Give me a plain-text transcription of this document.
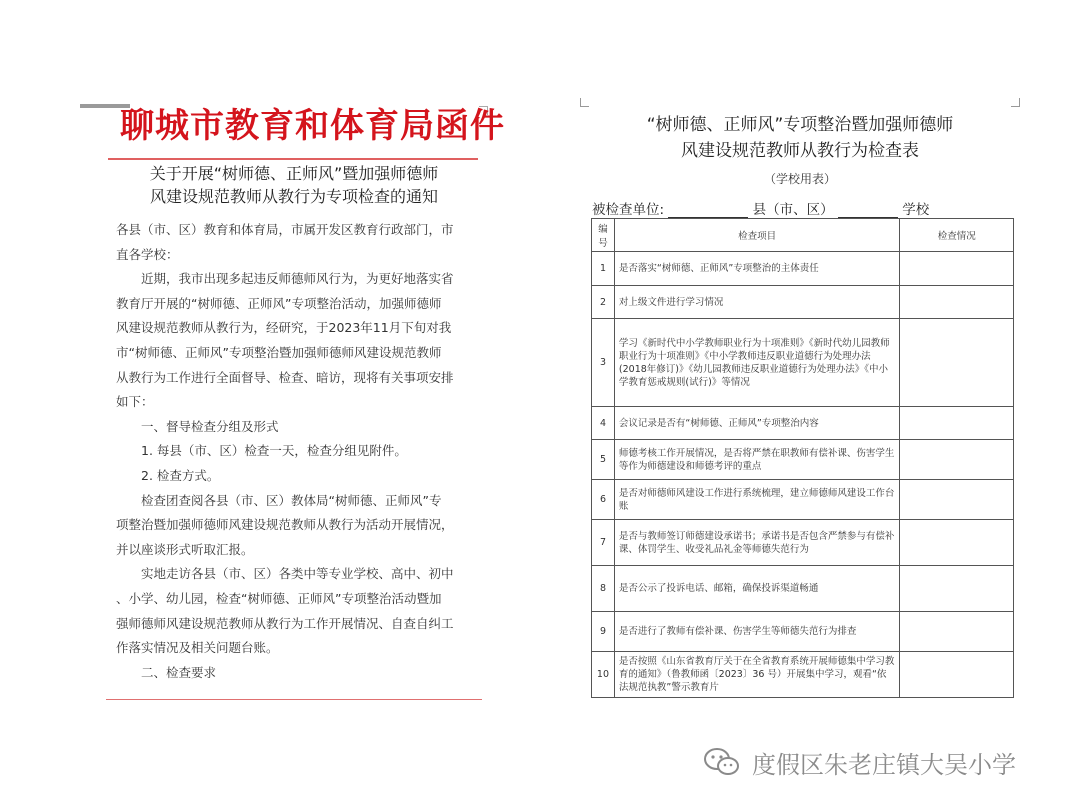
聊城市教育和体育局函件
关于开展“树师德、正师风”暨加强师德师
风建设规范教师从教行为专项检查的通知

各县（市、区）教育和体育局，市属开发区教育行政部门，市

直各学校：

近期，我市出现多起违反师德师风行为，为更好地落实省

教育厅开展的“树师德、正师风”专项整治活动，加强师德师

风建设规范教师从教行为，经研究，于2023年11月下旬对我

市“树师德、正师风”专项整治暨加强师德师风建设规范教师

从教行为工作进行全面督导、检查、暗访，现将有关事项安排

如下：

一、督导检查分组及形式

1. 每县（市、区）检查一天，检查分组见附件。

2. 检查方式。

检查团查阅各县（市、区）教体局“树师德、正师风”专

项整治暨加强师德师风建设规范教师从教行为活动开展情况，

并以座谈形式听取汇报。

实地走访各县（市、区）各类中等专业学校、高中、初中

、小学、幼儿园，检查“树师德、正师风”专项整治活动暨加

强师德师风建设规范教师从教行为工作开展情况、自查自纠工

作落实情况及相关问题台账。

二、检查要求

“树师德、正师风”专项整治暨加强师德师
风建设规范教师从教行为检查表
（学校用表）
被检查单位:	县（市、区）	学校
编号	检查项目	检查情况
1	是否落实“树师德、正师风”专项整治的主体责任	
2	对上级文件进行学习情况	
3	学习《新时代中小学教师职业行为十项准则》《新时代幼儿园教师职业行为十项准则》《中小学教师违反职业道德行为处理办法(2018年修订)》《幼儿园教师违反职业道德行为处理办法》《中小学教育惩戒规则(试行)》等情况	
4	会议记录是否有“树师德、正师风”专项整治内容	
5	师德考核工作开展情况，是否将严禁在职教师有偿补课、伤害学生等作为师德建设和师德考评的重点	
6	是否对师德师风建设工作进行系统梳理，建立师德师风建设工作台账	
7	是否与教师签订师德建设承诺书；承诺书是否包含严禁参与有偿补课、体罚学生、收受礼品礼金等师德失范行为	
8	是否公示了投诉电话、邮箱，确保投诉渠道畅通	
9	是否进行了教师有偿补课、伤害学生等师德失范行为排查	
10	是否按照《山东省教育厅关于在全省教育系统开展师德集中学习教育的通知》（鲁教师函〔2023〕36 号）开展集中学习，观看“依法规范执教”警示教育片	
度假区朱老庄镇大吴小学
